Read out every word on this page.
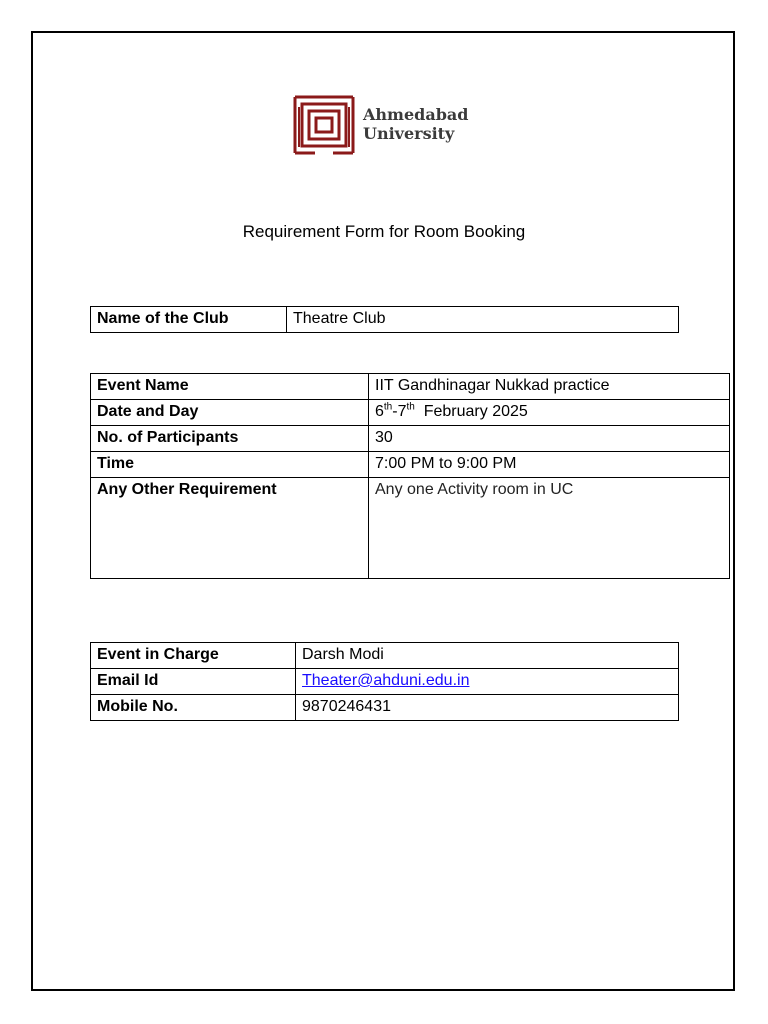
Ahmedabad
University
Requirement Form for Room Booking
Name of the Club	Theatre Club
Event Name	IIT Gandhinagar Nukkad practice
Date and Day	6th-7th February 2025
No. of Participants	30
Time	7:00 PM to 9:00 PM
Any Other Requirement	Any one Activity room in UC
Event in Charge	Darsh Modi
Email Id	Theater@ahduni.edu.in
Mobile No.	9870246431
